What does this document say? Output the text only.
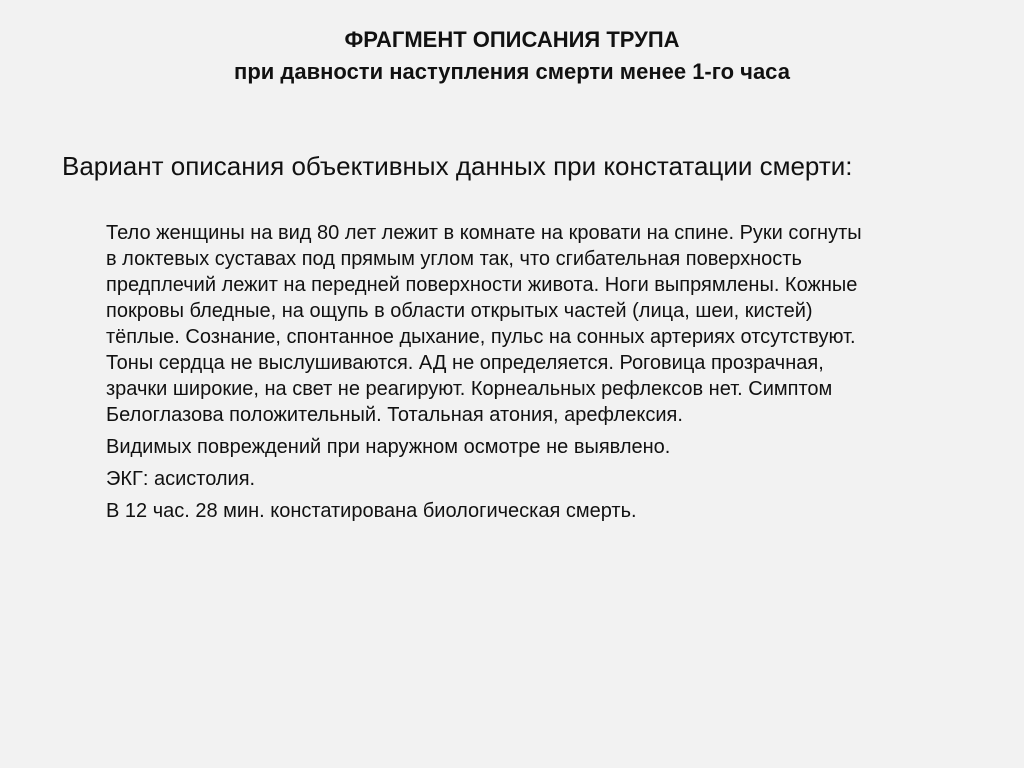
ФРАГМЕНТ ОПИСАНИЯ ТРУПА
при давности наступления смерти менее 1-го часа
Вариант описания объективных данных при констатации смерти:
Тело женщины на вид 80 лет лежит в комнате на кровати на спине. Руки согнуты
в локтевых суставах под прямым углом так, что сгибательная поверхность
предплечий лежит на передней поверхности живота. Ноги выпрямлены. Кожные
покровы бледные, на ощупь в области открытых частей (лица, шеи, кистей)
тёплые. Сознание, спонтанное дыхание, пульс на сонных артериях отсутствуют.
Тоны сердца не выслушиваются. АД не определяется. Роговица прозрачная,
зрачки широкие, на свет не реагируют. Корнеальных рефлексов нет. Симптом
Белоглазова положительный. Тотальная атония, арефлексия.
Видимых повреждений при наружном осмотре не выявлено.
ЭКГ: асистолия.
В 12 час. 28 мин. констатирована биологическая смерть.
